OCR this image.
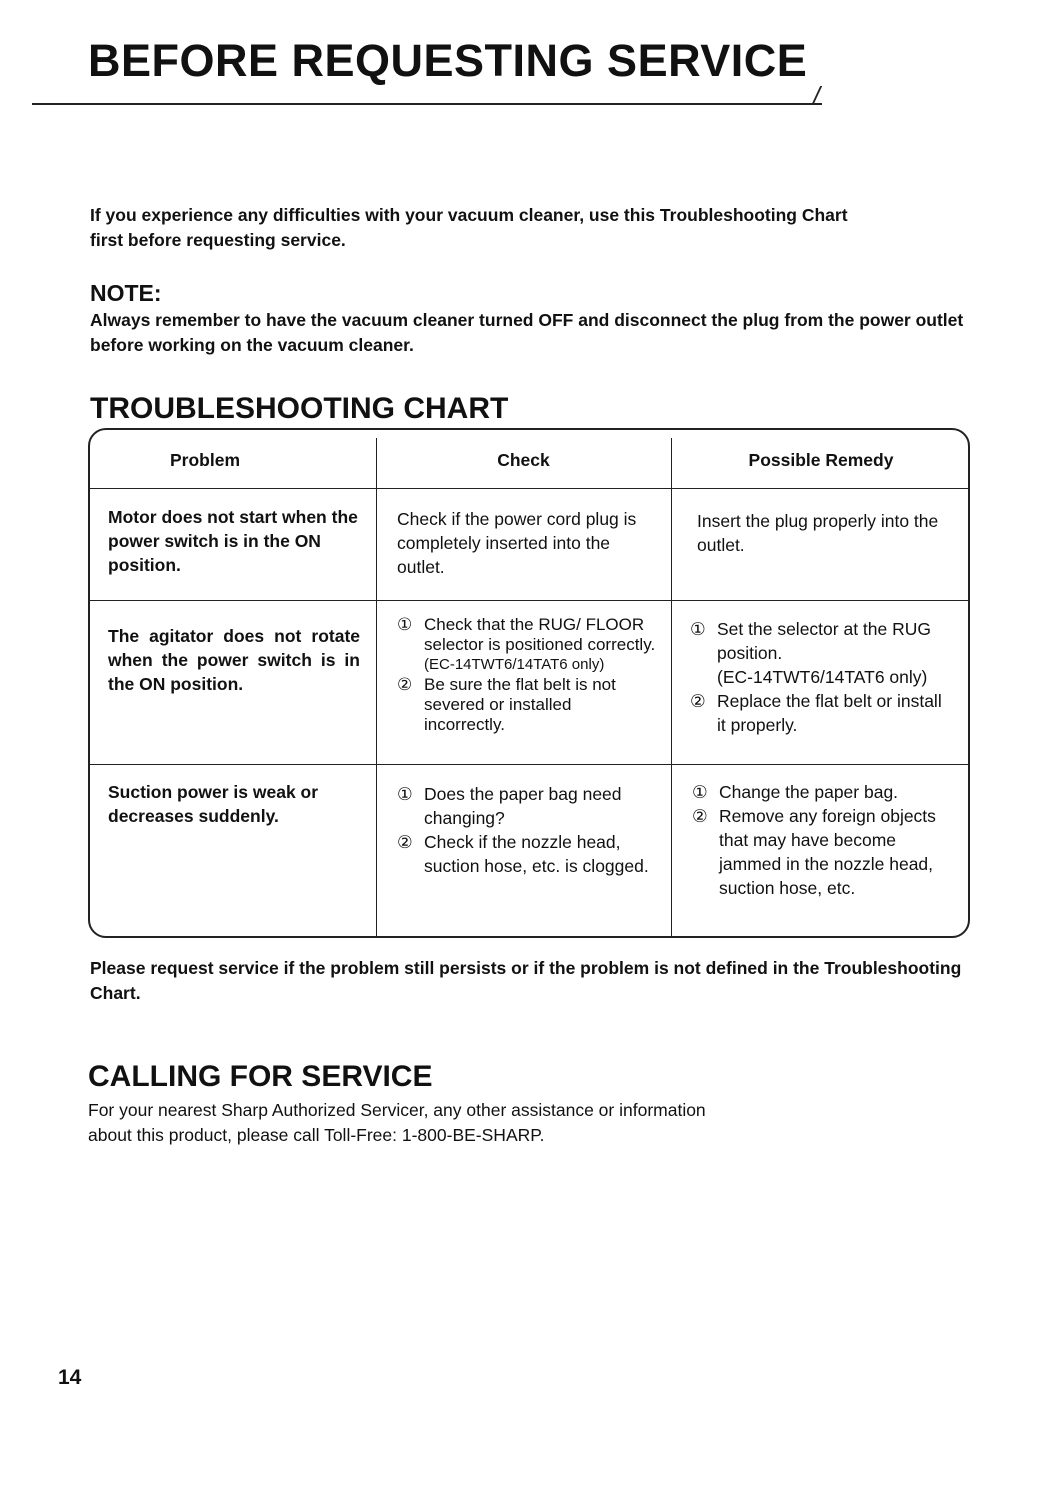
BEFORE REQUESTING SERVICE
If you experience any difficulties with your vacuum cleaner, use this Troubleshooting Chart first before requesting service.
NOTE:
Always remember to have the vacuum cleaner turned OFF and disconnect the plug from the power outlet before working on the vacuum cleaner.
TROUBLESHOOTING CHART
Problem	Check	Possible Remedy
Motor does not start when the power switch is in the ON position.
Check if the power cord plug is completely inserted into the outlet.
Insert the plug properly into the outlet.
The agitator does not rotate when the power switch is in the ON position.
① Check that the RUG/ FLOOR selector is positioned correctly.
(EC-14TWT6/14TAT6 only)
② Be sure the flat belt is not severed or installed incorrectly.
① Set the selector at the RUG position.
(EC-14TWT6/14TAT6 only)
② Replace the flat belt or install it properly.
Suction power is weak or decreases suddenly.
① Does the paper bag need changing?
② Check if the nozzle head, suction hose, etc. is clogged.
① Change the paper bag.
② Remove any foreign objects that may have become jammed in the nozzle head, suction hose, etc.
Please request service if the problem still persists or if the problem is not defined in the Troubleshooting Chart.
CALLING FOR SERVICE
For your nearest Sharp Authorized Servicer, any other assistance or information about this product, please call Toll-Free: 1-800-BE-SHARP.
14
